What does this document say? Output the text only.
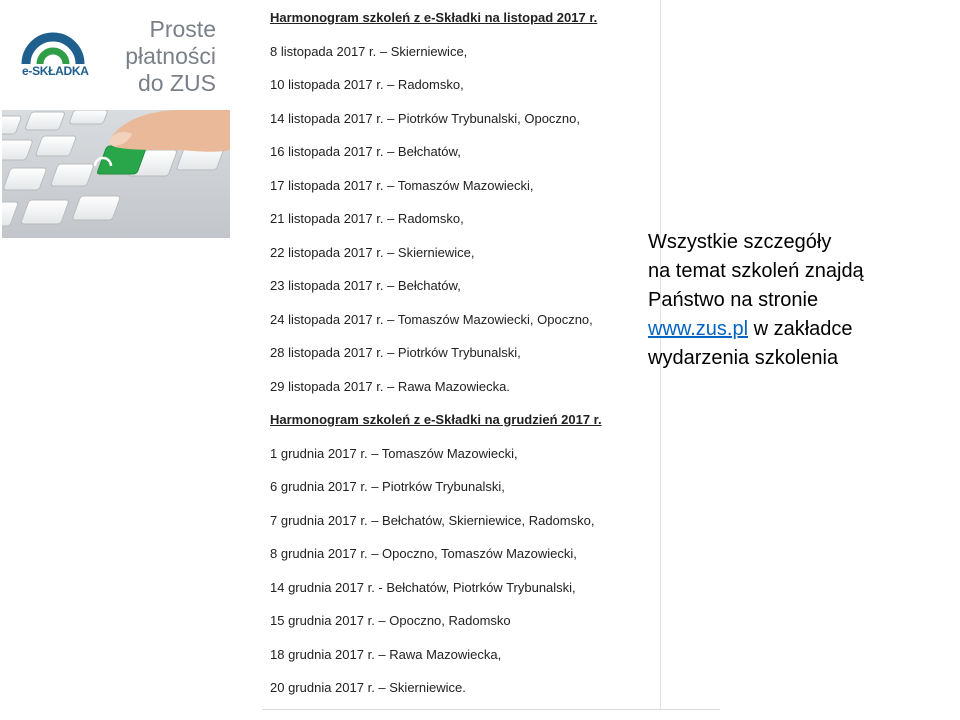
e-SKŁADKA
Proste
płatności
do ZUS
Harmonogram szkoleń z e-Składki na listopad 2017 r.
8 listopada 2017 r. – Skierniewice,
10 listopada 2017 r. – Radomsko,
14 listopada 2017 r. – Piotrków Trybunalski, Opoczno,
16 listopada 2017 r. – Bełchatów,
17 listopada 2017 r. – Tomaszów Mazowiecki,
21 listopada 2017 r. – Radomsko,
22 listopada 2017 r. – Skierniewice,
23 listopada 2017 r. – Bełchatów,
24 listopada 2017 r. – Tomaszów Mazowiecki, Opoczno,
28 listopada 2017 r. – Piotrków Trybunalski,
29 listopada 2017 r. – Rawa Mazowiecka.
Harmonogram szkoleń z e-Składki na grudzień 2017 r.
1 grudnia 2017 r. – Tomaszów Mazowiecki,
6 grudnia 2017 r. – Piotrków Trybunalski,
7 grudnia 2017 r. – Bełchatów, Skierniewice, Radomsko,
8 grudnia 2017 r. – Opoczno, Tomaszów Mazowiecki,
14 grudnia 2017 r. - Bełchatów, Piotrków Trybunalski,
15 grudnia 2017 r. – Opoczno, Radomsko
18 grudnia 2017 r. – Rawa Mazowiecka,
20 grudnia 2017 r. – Skierniewice.
Wszystkie szczegóły
na temat szkoleń znajdą
Państwo na stronie
www.zus.pl w zakładce
wydarzenia szkolenia
